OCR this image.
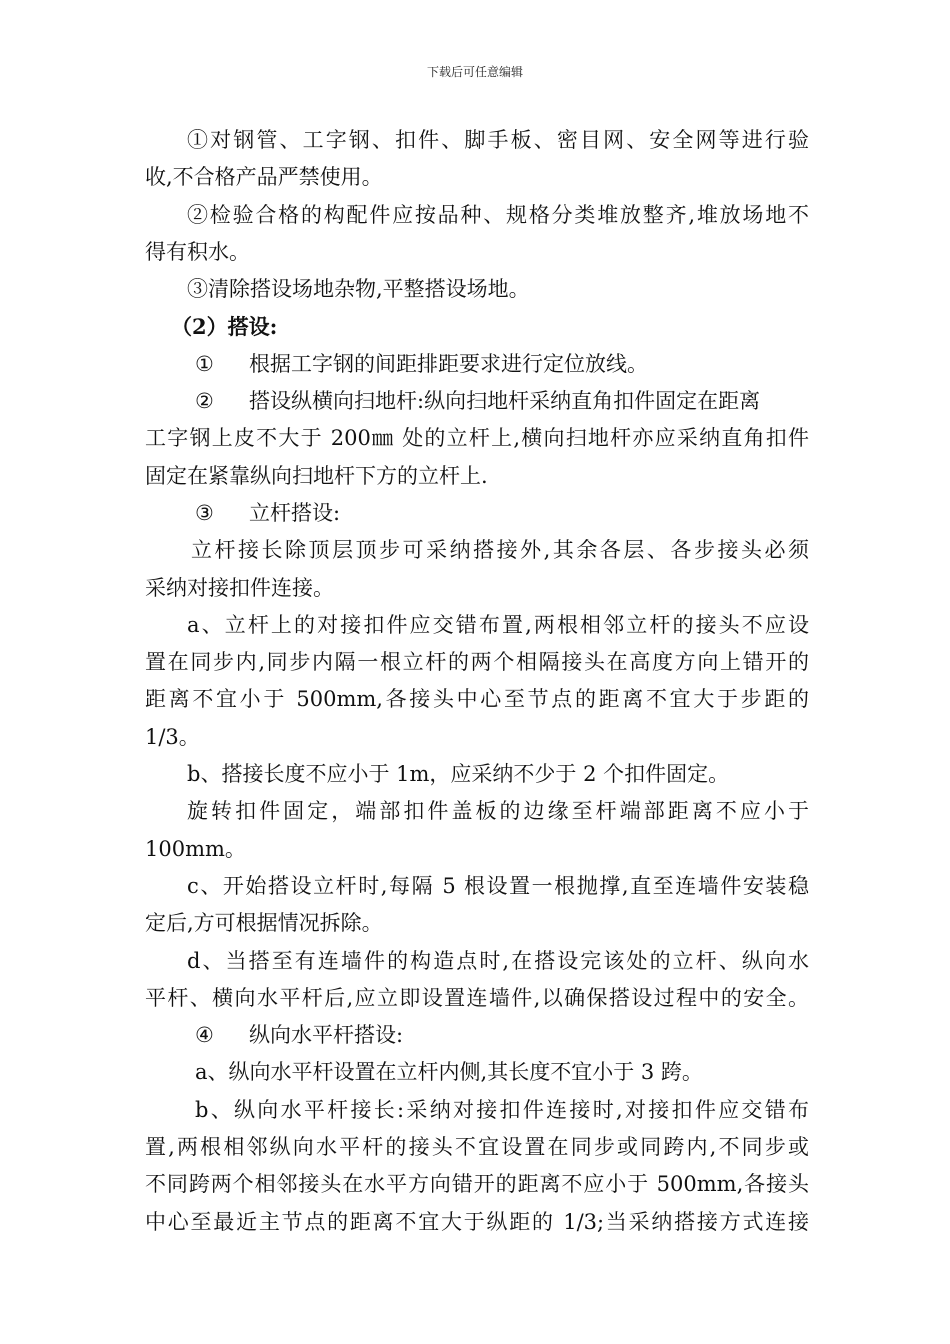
下载后可任意编辑
①对钢管、工字钢、扣件、脚手板、密目网、安全网等进行验
收,不合格产品严禁使用。
②检验合格的构配件应按品种、规格分类堆放整齐,堆放场地不
得有积水。
③清除搭设场地杂物,平整搭设场地。
（2）搭设:
① 根据工字钢的间距排距要求进行定位放线。
② 搭设纵横向扫地杆:纵向扫地杆采纳直角扣件固定在距离
工字钢上皮不大于 200㎜ 处的立杆上,横向扫地杆亦应采纳直角扣件
固定在紧靠纵向扫地杆下方的立杆上.
③ 立杆搭设:
立杆接长除顶层顶步可采纳搭接外,其余各层、各步接头必须
采纳对接扣件连接。
a、立杆上的对接扣件应交错布置,两根相邻立杆的接头不应设
置在同步内,同步内隔一根立杆的两个相隔接头在高度方向上错开的
距离不宜小于 500mm,各接头中心至节点的距离不宜大于步距的
1/3。
b、搭接长度不应小于 1m，应采纳不少于 2 个扣件固定。
旋转扣件固定，端部扣件盖板的边缘至杆端部距离不应小于
100mm。
c、开始搭设立杆时,每隔 5 根设置一根抛撑,直至连墙件安装稳
定后,方可根据情况拆除。
d、当搭至有连墙件的构造点时,在搭设完该处的立杆、纵向水
平杆、横向水平杆后,应立即设置连墙件,以确保搭设过程中的安全。
④ 纵向水平杆搭设:
a、纵向水平杆设置在立杆内侧,其长度不宜小于 3 跨。
b、纵向水平杆接长:采纳对接扣件连接时,对接扣件应交错布
置,两根相邻纵向水平杆的接头不宜设置在同步或同跨内,不同步或
不同跨两个相邻接头在水平方向错开的距离不应小于 500mm,各接头
中心至最近主节点的距离不宜大于纵距的 1/3;当采纳搭接方式连接
